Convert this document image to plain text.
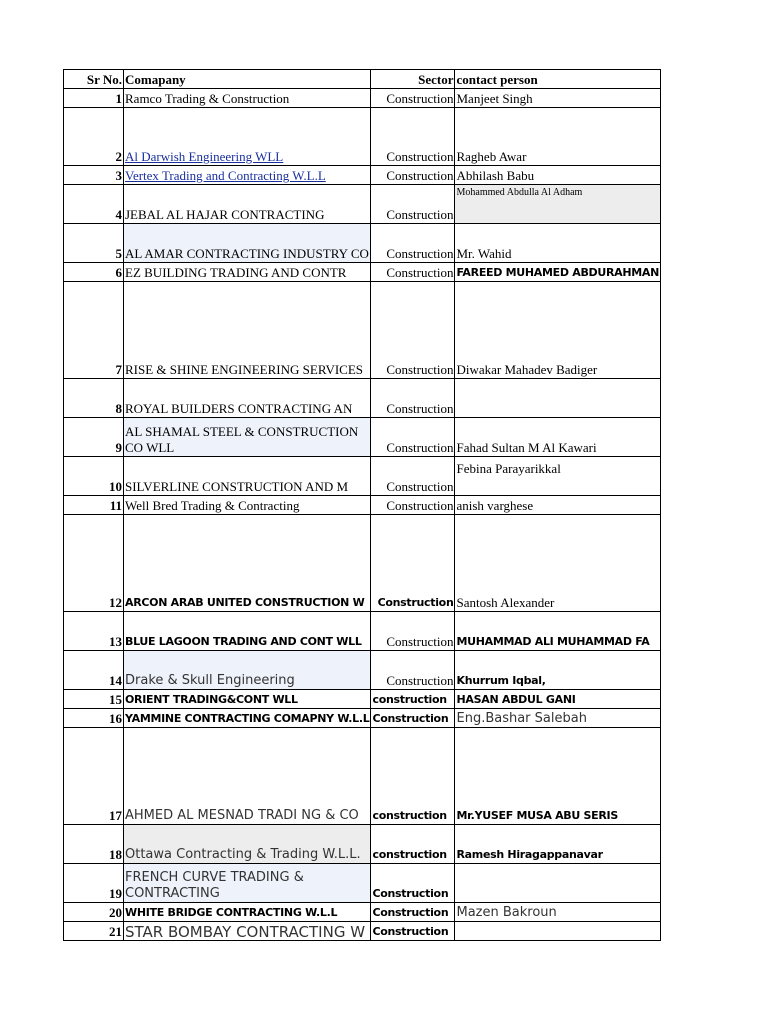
Sr No.	Comapany	Sector	contact person
1	Ramco Trading & Construction	Construction	Manjeet Singh
2	Al Darwish Engineering WLL	Construction	Ragheb Awar
3	Vertex Trading and Contracting W.L.L	Construction	Abhilash Babu
4	JEBAL AL HAJAR CONTRACTING	Construction	Mohammed Abdulla Al Adham
5	AL AMAR CONTRACTING INDUSTRY CO	Construction	Mr. Wahid
6	EZ BUILDING TRADING AND CONTR	Construction	FAREED MUHAMED ABDURAHMAN
7	RISE & SHINE ENGINEERING SERVICES	Construction	Diwakar Mahadev Badiger
8	ROYAL BUILDERS CONTRACTING AN	Construction	
9	AL SHAMAL STEEL & CONSTRUCTION CO WLL	Construction	Fahad Sultan M Al Kawari
10	SILVERLINE CONSTRUCTION AND M	Construction	Febina Parayarikkal
11	Well Bred Trading & Contracting	Construction	anish varghese
12	ARCON ARAB UNITED CONSTRUCTION W	Construction	Santosh Alexander
13	BLUE LAGOON TRADING AND CONT WLL	Construction	MUHAMMAD ALI MUHAMMAD FA
14	Drake & Skull Engineering	Construction	Khurrum Iqbal,
15	ORIENT TRADING&CONT WLL	construction	HASAN ABDUL GANI
16	YAMMINE CONTRACTING COMAPNY W.L.L	Construction	Eng.Bashar Salebah
17	AHMED AL MESNAD TRADI NG & CO	construction	Mr.YUSEF MUSA ABU SERIS
18	Ottawa Contracting & Trading W.L.L.	construction	Ramesh Hiragappanavar
19	FRENCH CURVE TRADING & CONTRACTING	Construction	
20	WHITE BRIDGE CONTRACTING W.L.L	Construction	Mazen Bakroun
21	STAR BOMBAY CONTRACTING W	Construction	
